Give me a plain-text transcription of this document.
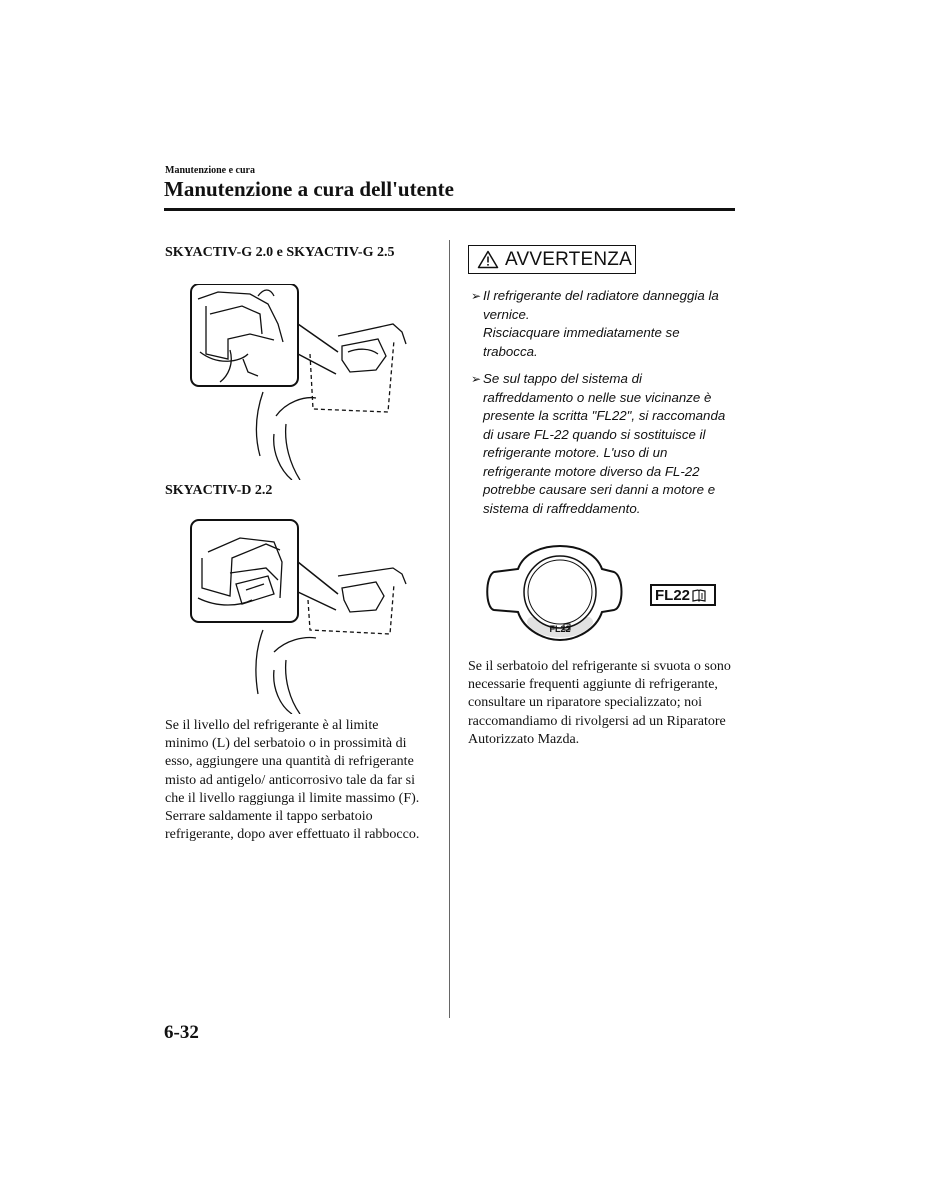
Manutenzione e cura
Manutenzione a cura dell'utente
SKYACTIV-G 2.0 e SKYACTIV-G 2.5
SKYACTIV-D 2.2
Se il livello del refrigerante è al limite minimo (L) del serbatoio o in prossimità di esso, aggiungere una quantità di refrigerante misto ad antigelo/ anticorrosivo tale da far si che il livello raggiunga il limite massimo (F). Serrare saldamente il tappo serbatoio refrigerante, dopo aver effettuato il rabbocco.
AVVERTENZA
➢ Il refrigerante del radiatore danneggia la vernice.
Risciacquare immediatamente se trabocca.
➢ Se sul tappo del sistema di raffreddamento o nelle sue vicinanze è presente la scritta "FL22", si raccomanda di usare FL-22 quando si sostituisce il refrigerante motore. L'uso di un refrigerante motore diverso da FL-22 potrebbe causare seri danni a motore e sistema di raffreddamento.
FL22
FL22
Se il serbatoio del refrigerante si svuota o sono necessarie frequenti aggiunte di refrigerante, consultare un riparatore specializzato; noi raccomandiamo di rivolgersi ad un Riparatore Autorizzato Mazda.
6-32
